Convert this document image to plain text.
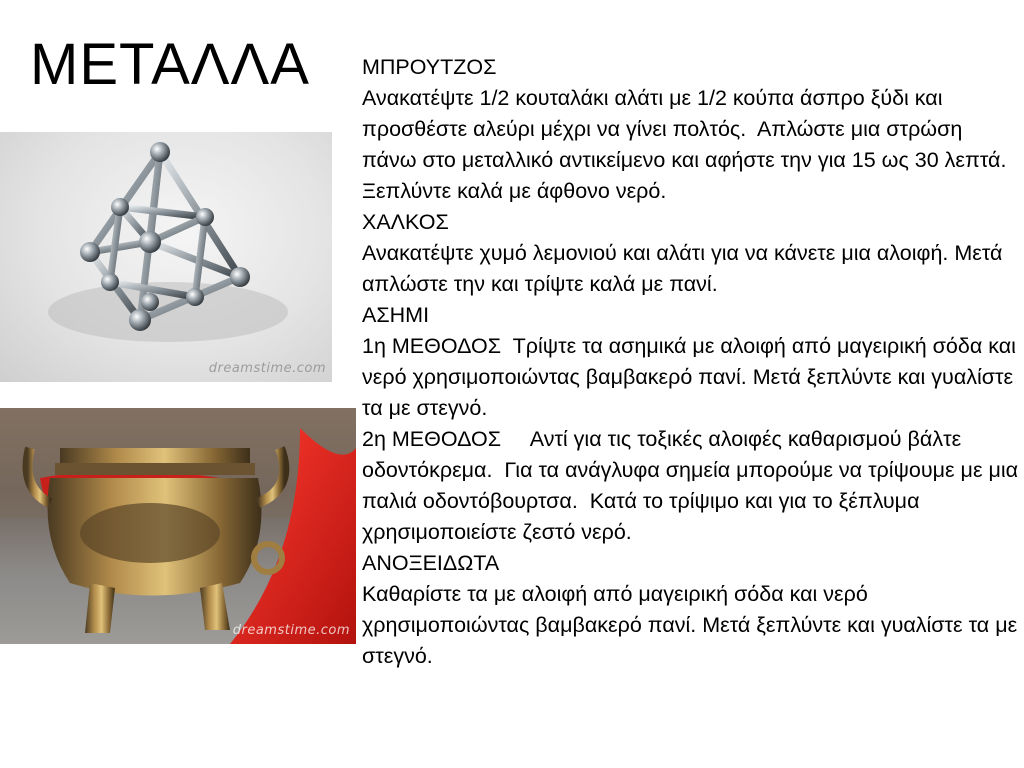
ΜΕΤΑΛΛΑ
dreamstime.com
dreamstime.com

ΜΠΡΟΥΤΖΟΣ

Ανακατέψτε 1/2 κουταλάκι αλάτι με 1/2 κούπα άσπρο ξύδι και προσθέστε αλεύρι μέχρι να γίνει πολτός.  Απλώστε μια στρώση πάνω στο μεταλλικό αντικείμενο και αφήστε την για 15 ως 30 λεπτά. Ξεπλύντε καλά με άφθονο νερό.

ΧΑΛΚΟΣ

Ανακατέψτε χυμό λεμονιού και αλάτι για να κάνετε μια αλοιφή. Μετά απλώστε την και τρίψτε καλά με πανί.

ΑΣΗΜΙ

1η ΜΕΘΟΔΟΣ  Τρίψτε τα ασημικά με αλοιφή από μαγειρική σόδα και νερό χρησιμοποιώντας βαμβακερό πανί. Μετά ξεπλύντε και γυαλίστε τα με στεγνό.

2η ΜΕΘΟΔΟΣ     Αντί για τις τοξικές αλοιφές καθαρισμού βάλτε οδοντόκρεμα.  Για τα ανάγλυφα σημεία μπορούμε να τρίψουμε με μια παλιά οδοντόβουρτσα.  Κατά το τρίψιμο και για το ξέπλυμα χρησιμοποιείστε ζεστό νερό.

ΑΝΟΞΕΙΔΩΤΑ

Καθαρίστε τα με αλοιφή από μαγειρική σόδα και νερό χρησιμοποιώντας βαμβακερό πανί. Μετά ξεπλύντε και γυαλίστε τα με στεγνό.
